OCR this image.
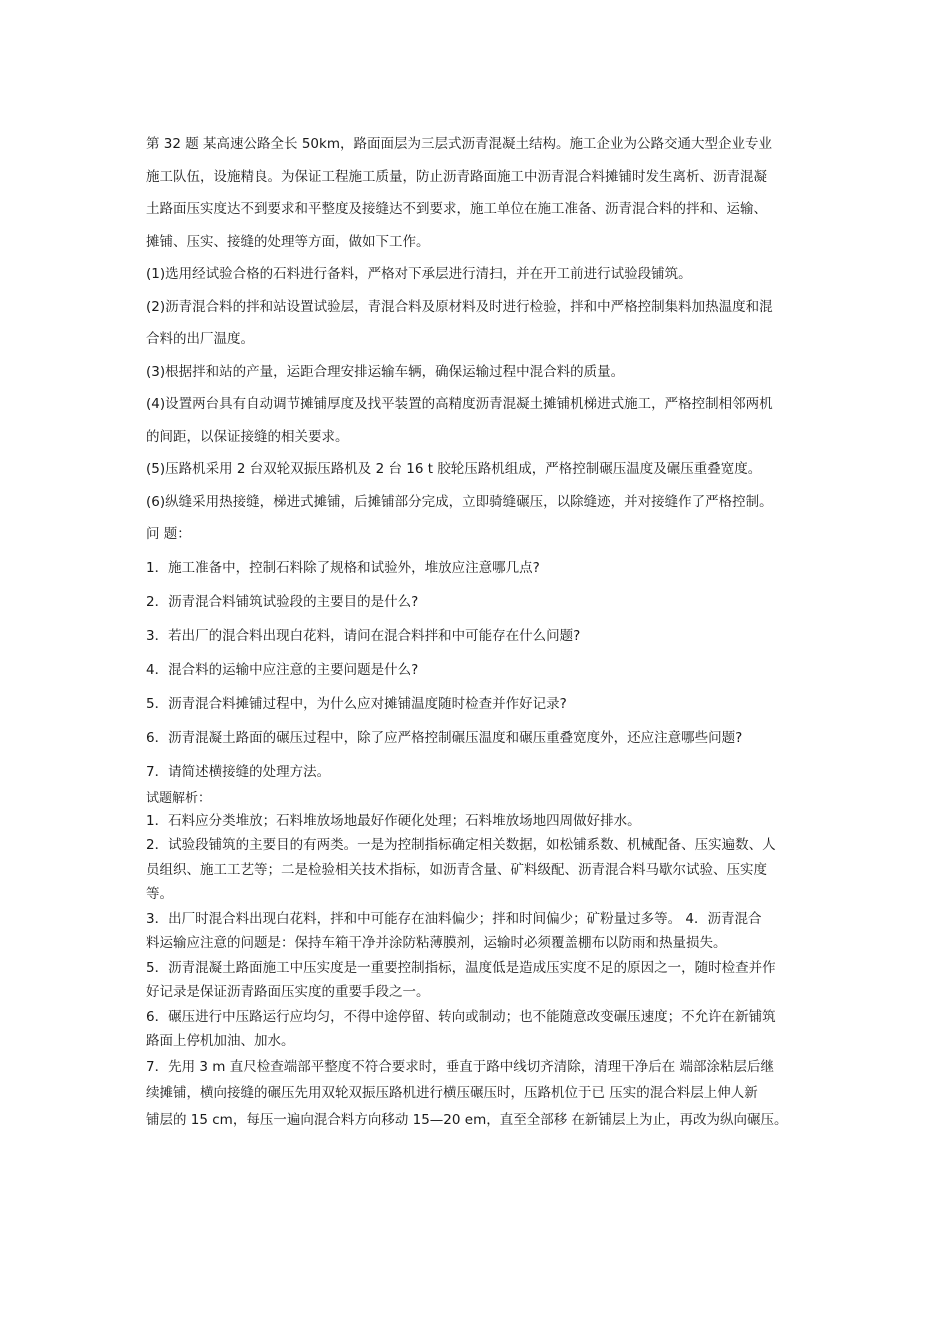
第 32 题 某高速公路全长 50km，路面面层为三层式沥青混凝土结构。施工企业为公路交通大型企业专业

施工队伍，设施精良。为保证工程施工质量，防止沥青路面施工中沥青混合料摊铺时发生离析、沥青混凝

土路面压实度达不到要求和平整度及接缝达不到要求，施工单位在施工准备、沥青混合料的拌和、运输、

摊铺、压实、接缝的处理等方面，做如下工作。

(1)选用经试验合格的石料进行备料，严格对下承层进行清扫，并在开工前进行试验段铺筑。

(2)沥青混合料的拌和站设置试验层，青混合料及原材料及时进行检验，拌和中严格控制集料加热温度和混

合料的出厂温度。

(3)根据拌和站的产量，运距合理安排运输车辆，确保运输过程中混合料的质量。

(4)设置两台具有自动调节摊铺厚度及找平装置的高精度沥青混凝土摊铺机梯进式施工，严格控制相邻两机

的间距，以保证接缝的相关要求。

(5)压路机采用 2 台双轮双振压路机及 2 台 16 t 胶轮压路机组成，严格控制碾压温度及碾压重叠宽度。

(6)纵缝采用热接缝，梯进式摊铺，后摊铺部分完成，立即骑缝碾压，以除缝迹，并对接缝作了严格控制。

问 题：

1．施工准备中，控制石料除了规格和试验外，堆放应注意哪几点?

2．沥青混合料铺筑试验段的主要目的是什么?

3．若出厂的混合料出现白花料，请问在混合料拌和中可能存在什么问题?

4．混合料的运输中应注意的主要问题是什么?

5．沥青混合料摊铺过程中，为什么应对摊铺温度随时检查并作好记录?

6．沥青混凝土路面的碾压过程中，除了应严格控制碾压温度和碾压重叠宽度外，还应注意哪些问题?

7．请简述横接缝的处理方法。

试题解析：

1．石料应分类堆放；石料堆放场地最好作硬化处理；石料堆放场地四周做好排水。

2．试验段铺筑的主要目的有两类。一是为控制指标确定相关数据，如松铺系数、机械配备、压实遍数、人

员组织、施工工艺等；二是检验相关技术指标，如沥青含量、矿料级配、沥青混合料马歇尔试验、压实度

等。

3．出厂时混合料出现白花料，拌和中可能存在油料偏少；拌和时间偏少；矿粉量过多等。 4．沥青混合

料运输应注意的问题是：保持车箱干净并涂防粘薄膜剂，运输时必须覆盖棚布以防雨和热量损失。

5．沥青混凝土路面施工中压实度是一重要控制指标，温度低是造成压实度不足的原因之一，随时检查并作

好记录是保证沥青路面压实度的重要手段之一。

6．碾压进行中压路运行应均匀，不得中途停留、转向或制动；也不能随意改变碾压速度；不允许在新铺筑

路面上停机加油、加水。

7．先用 3 m 直尺检查端部平整度不符合要求时，垂直于路中线切齐清除，清理干净后在 端部涂粘层后继

续摊铺，横向接缝的碾压先用双轮双振压路机进行横压碾压时，压路机位于已 压实的混合料层上伸人新

铺层的 15 cm，每压一遍向混合料方向移动 15—20 em，直至全部移 在新铺层上为止，再改为纵向碾压。
